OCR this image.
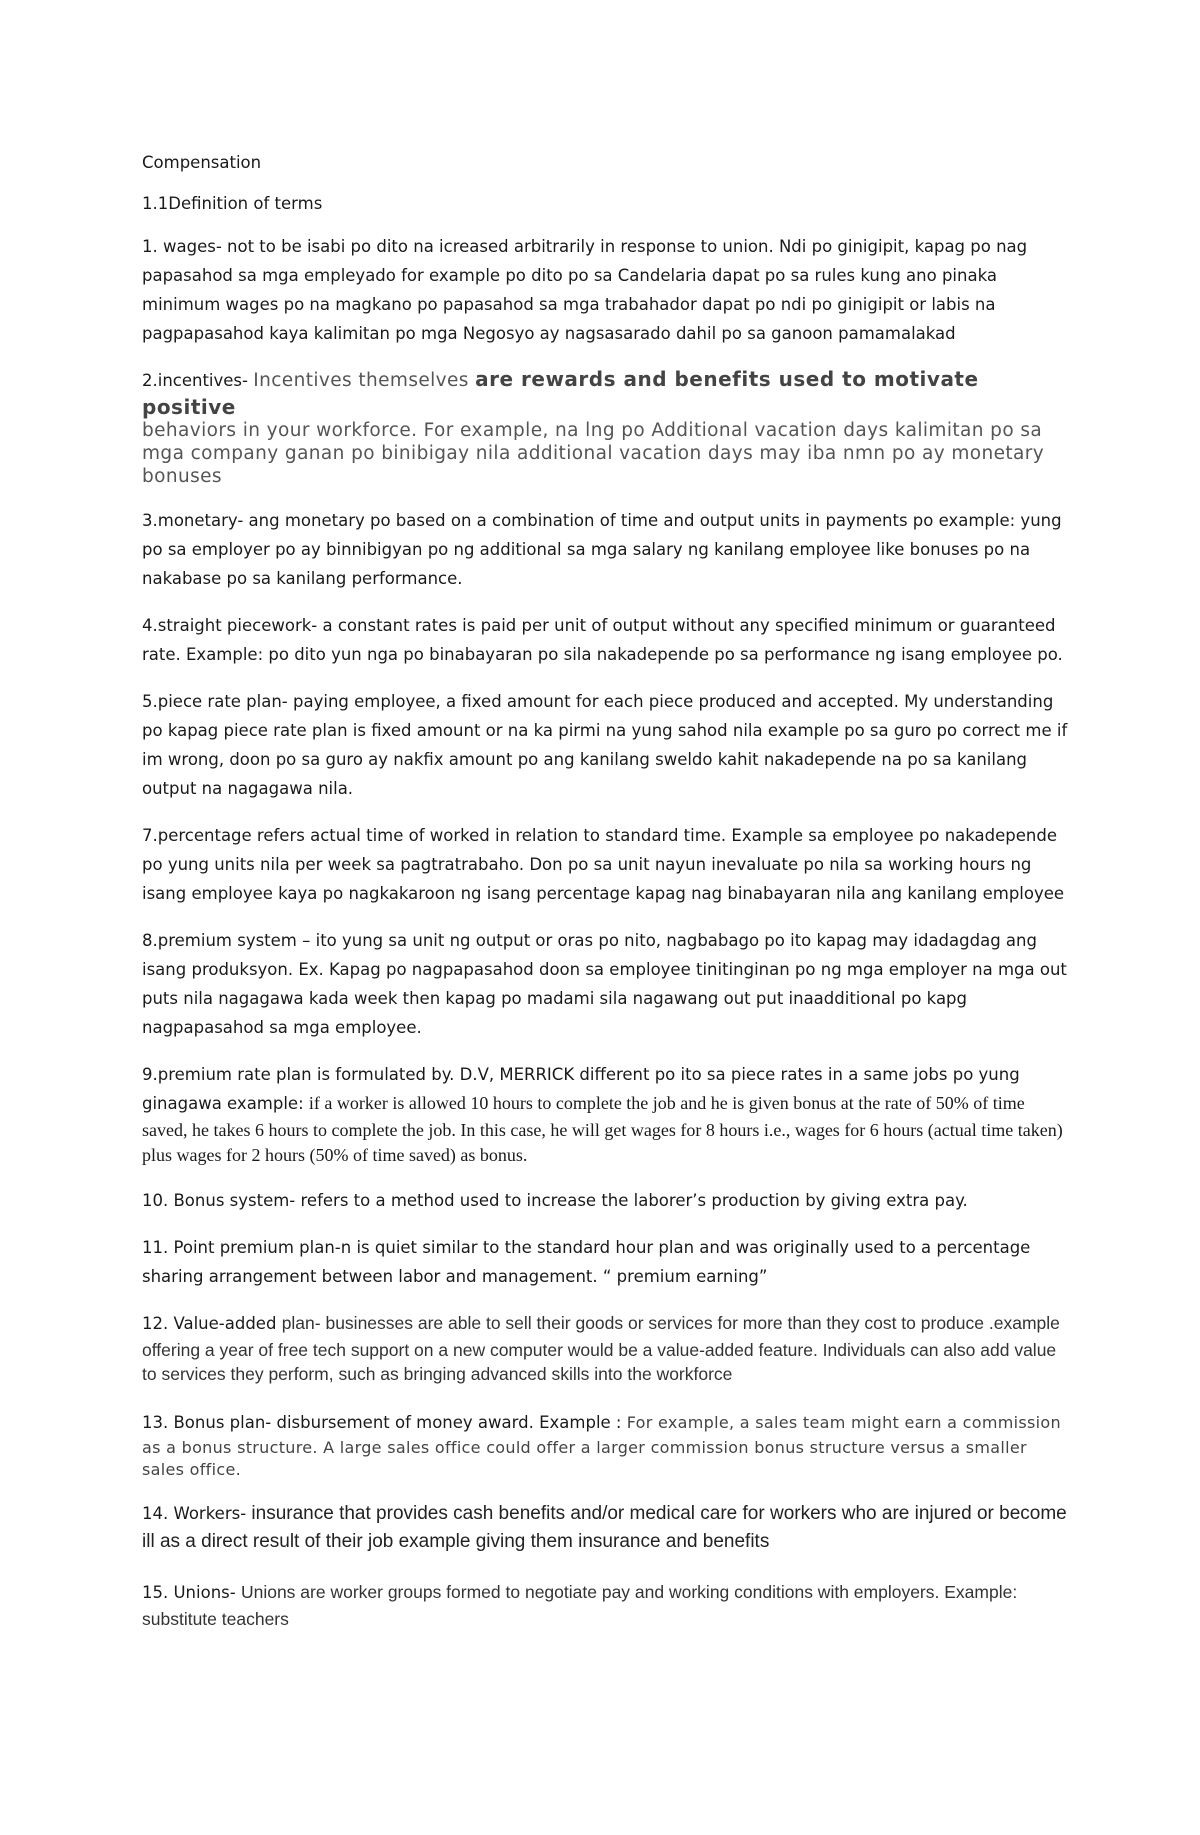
Compensation

1.1Definition of terms

1. wages- not to be isabi po dito na icreased arbitrarily in response to union. Ndi po ginigipit, kapag po nag papasahod sa mga empleyado for example po dito po sa Candelaria dapat po sa rules kung ano pinaka minimum wages po na magkano po papasahod sa mga trabahador dapat po ndi po ginigipit or labis na pagpapasahod kaya kalimitan po mga Negosyo ay nagsasarado dahil po sa ganoon pamamalakad

2.incentives- Incentives themselves are rewards and benefits used to motivate positive
behaviors in your workforce. For example, na lng po Additional vacation days kalimitan po sa mga company ganan po binibigay nila additional vacation days may iba nmn po ay monetary bonuses

3.monetary- ang monetary po based on a combination of time and output units in payments po example: yung po sa employer po ay binnibigyan po ng additional sa mga salary ng kanilang employee like bonuses po na nakabase po sa kanilang performance.

4.straight piecework- a constant rates is paid per unit of output without any specified minimum or guaranteed rate. Example: po dito yun nga po binabayaran po sila nakadepende po sa performance ng isang employee po.

5.piece rate plan- paying employee, a fixed amount for each piece produced and accepted. My understanding po kapag piece rate plan is fixed amount or na ka pirmi na yung sahod nila example po sa guro po correct me if im wrong, doon po sa guro ay nakfix amount po ang kanilang sweldo kahit nakadepende na po sa kanilang output na nagagawa nila.

7.percentage refers actual time of worked in relation to standard time. Example sa employee po nakadepende po yung units nila per week sa pagtratrabaho. Don po sa unit nayun inevaluate po nila sa working hours ng isang employee kaya po nagkakaroon ng isang percentage kapag nag binabayaran nila ang kanilang employee

8.premium system – ito yung sa unit ng output or oras po nito, nagbabago po ito kapag may idadagdag ang isang produksyon. Ex. Kapag po nagpapasahod doon sa employee tinitinginan po ng mga employer na mga out puts nila nagagawa kada week then kapag po madami sila nagawang out put inaadditional po kapg nagpapasahod sa mga employee.

9.premium rate plan is formulated by. D.V, MERRICK different po ito sa piece rates in a same jobs po yung ginagawa example: if a worker is allowed 10 hours to complete the job and he is given bonus at the rate of 50% of time saved, he takes 6 hours to complete the job. In this case, he will get wages for 8 hours i.e., wages for 6 hours (actual time taken) plus wages for 2 hours (50% of time saved) as bonus.

10. Bonus system- refers to a method used to increase the laborer’s production by giving extra pay.

11. Point premium plan-n is quiet similar to the standard hour plan and was originally used to a percentage sharing arrangement between labor and management. “ premium earning”

12. Value-added plan- businesses are able to sell their goods or services for more than they cost to produce .example offering a year of free tech support on a new computer would be a value-added feature. Individuals can also add value to services they perform, such as bringing advanced skills into the workforce

13. Bonus plan- disbursement of money award. Example : For example, a sales team might earn a commission as a bonus structure. A large sales office could offer a larger commission bonus structure versus a smaller sales office.

14. Workers- insurance that provides cash benefits and/or medical care for workers who are injured or become ill as a direct result of their job example giving them insurance and benefits

15. Unions- Unions are worker groups formed to negotiate pay and working conditions with employers. Example: substitute teachers
